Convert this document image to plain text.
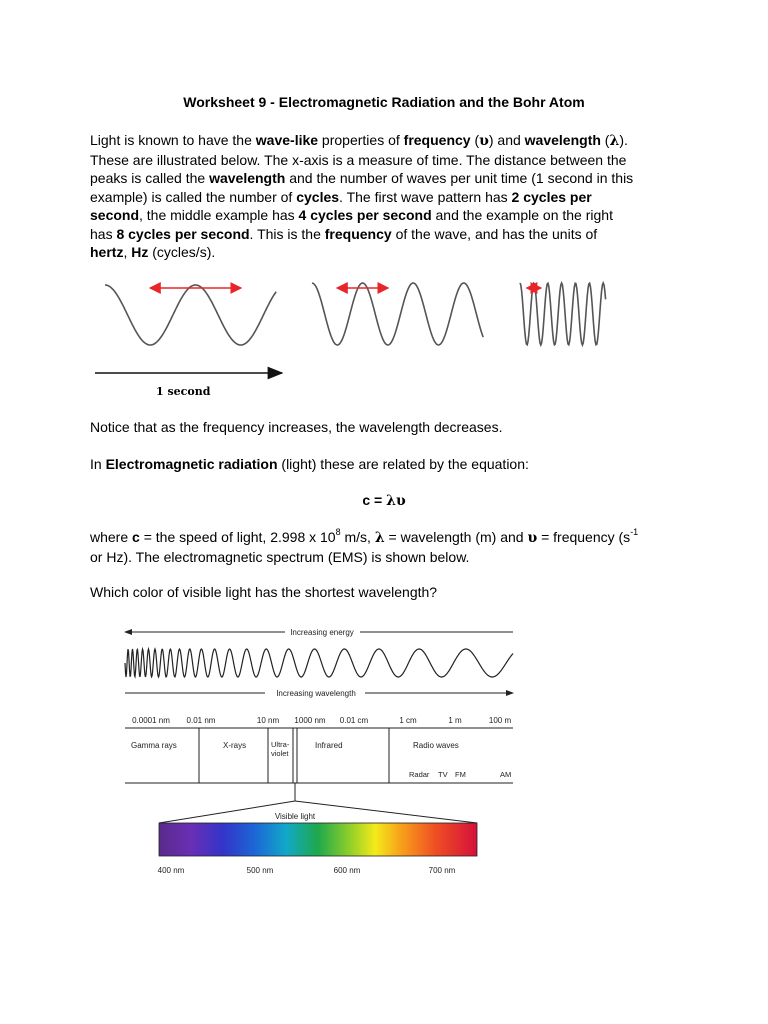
Worksheet 9 - Electromagnetic Radiation and the Bohr Atom
Light is known to have the wave-like properties of frequency (υ) and wavelength (λ).
These are illustrated below. The x-axis is a measure of time. The distance between the
peaks is called the wavelength and the number of waves per unit time (1 second in this
example) is called the number of cycles. The first wave pattern has 2 cycles per
second, the middle example has 4 cycles per second and the example on the right
has 8 cycles per second. This is the frequency of the wave, and has the units of
hertz, Hz (cycles/s).
1 second
Notice that as the frequency increases, the wavelength decreases.
In Electromagnetic radiation (light) these are related by the equation:
c = λυ
where c = the speed of light, 2.998 x $10^8$ m/s, λ = wavelength (m) and υ = frequency ($s^{-1}$
or Hz). The electromagnetic spectrum (EMS) is shown below.
Which color of visible light has the shortest wavelength?
Increasing energy
Increasing wavelength
0.0001 nm 0.01 nm	10 nm 1000 nm 0.01 cm	1 cm	1 m	100 m
Gamma rays	X-rays	Ultra-
violet
Infrared	Radio waves
Radar TV FM	AM
Visible light
400 nm	500 nm	600 nm	700 nm
